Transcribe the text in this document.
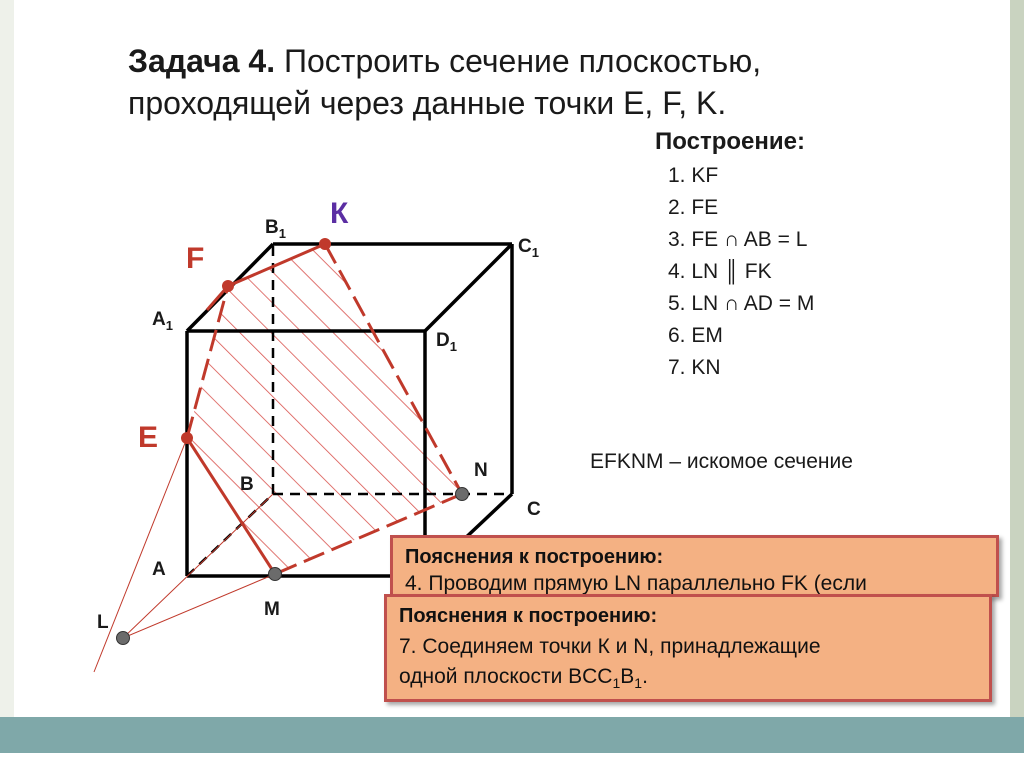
Задача 4. Построить сечение плоскостью,
проходящей через данные точки E, F, K.
Построение:
1. KF
2. FE
3. FE ∩ AB = L
4. LN ║ FK
5. LN ∩ AD = M
6. EM
7. KN
EFKNM – искомое сечение
A
B
C
$A_1$
$B_1$
$C_1$
$D_1$
N
M
L
F
E
К
Пояснения к построению:
4. Проводим прямую LN параллельно FK (если
Пояснения к построению:
7. Соединяем точки К и N, принадлежащие
одной плоскости $BCC_1B_1$.
